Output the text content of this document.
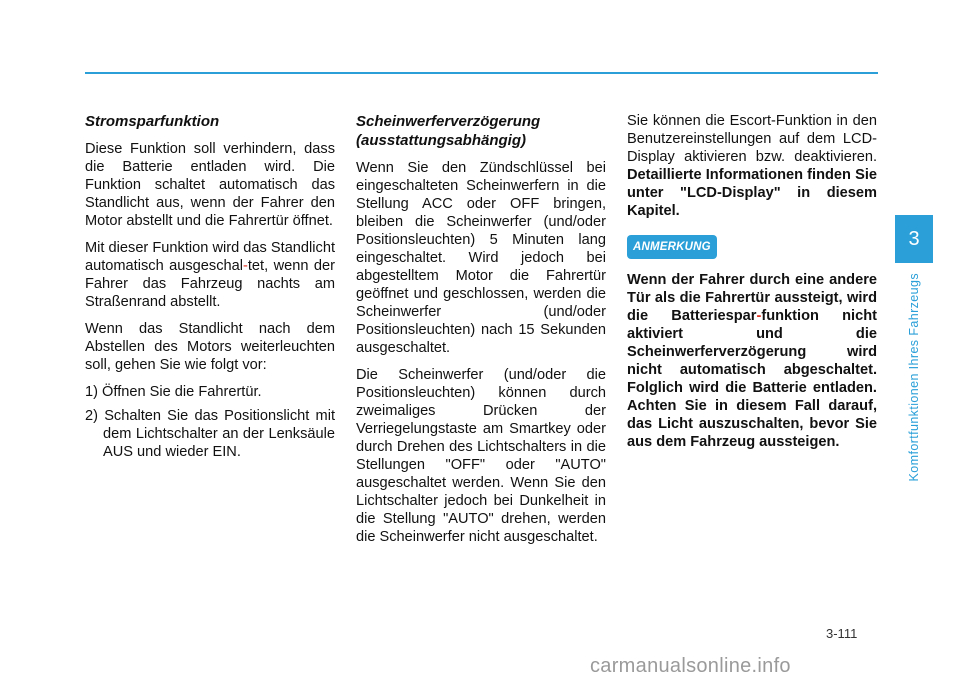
Stromsparfunktion

Diese Funktion soll verhindern, dass die Batterie entladen wird. Die Funktion schaltet automatisch das Standlicht aus, wenn der Fahrer den Motor abstellt und die Fahrertür öffnet.

Mit dieser Funktion wird das Standlicht automatisch ausgeschal-tet, wenn der Fahrer das Fahrzeug nachts am Straßenrand abstellt.

Wenn das Standlicht nach dem Abstellen des Motors weiterleuchten soll, gehen Sie wie folgt vor:

1) Öffnen Sie die Fahrertür.
2) Schalten Sie das Positionslicht mit dem Lichtschalter an der Lenksäule AUS und wieder EIN.
Scheinwerferverzögerung (ausstattungsabhängig)

Wenn Sie den Zündschlüssel bei eingeschalteten Scheinwerfern in die Stellung ACC oder OFF bringen, bleiben die Scheinwerfer (und/oder Positionsleuchten) 5 Minuten lang eingeschaltet. Wird jedoch bei abgestelltem Motor die Fahrertür geöffnet und geschlossen, werden die Scheinwerfer (und/oder Positionsleuchten) nach 15 Sekunden ausgeschaltet.

Die Scheinwerfer (und/oder die Positionsleuchten) können durch zweimaliges Drücken der Verriegelungstaste am Smartkey oder durch Drehen des Lichtschalters in die Stellungen "OFF" oder "AUTO" ausgeschaltet werden. Wenn Sie den Lichtschalter jedoch bei Dunkelheit in die Stellung "AUTO" drehen, werden die Scheinwerfer nicht ausgeschaltet.

Sie können die Escort-Funktion in den Benutzereinstellungen auf dem LCD-Display aktivieren bzw. deaktivieren. Detaillierte Informationen finden Sie unter "LCD-Display" in diesem Kapitel.

ANMERKUNG

Wenn der Fahrer durch eine andere Tür als die Fahrertür aussteigt, wird die Batteriespar-funktion nicht aktiviert und die Scheinwerferverzögerung wird nicht automatisch abgeschaltet. Folglich wird die Batterie entladen. Achten Sie in diesem Fall darauf, das Licht auszuschalten, bevor Sie aus dem Fahrzeug aussteigen.

3
Komfortfunktionen Ihres Fahrzeugs
3-111
carmanualsonline.info
